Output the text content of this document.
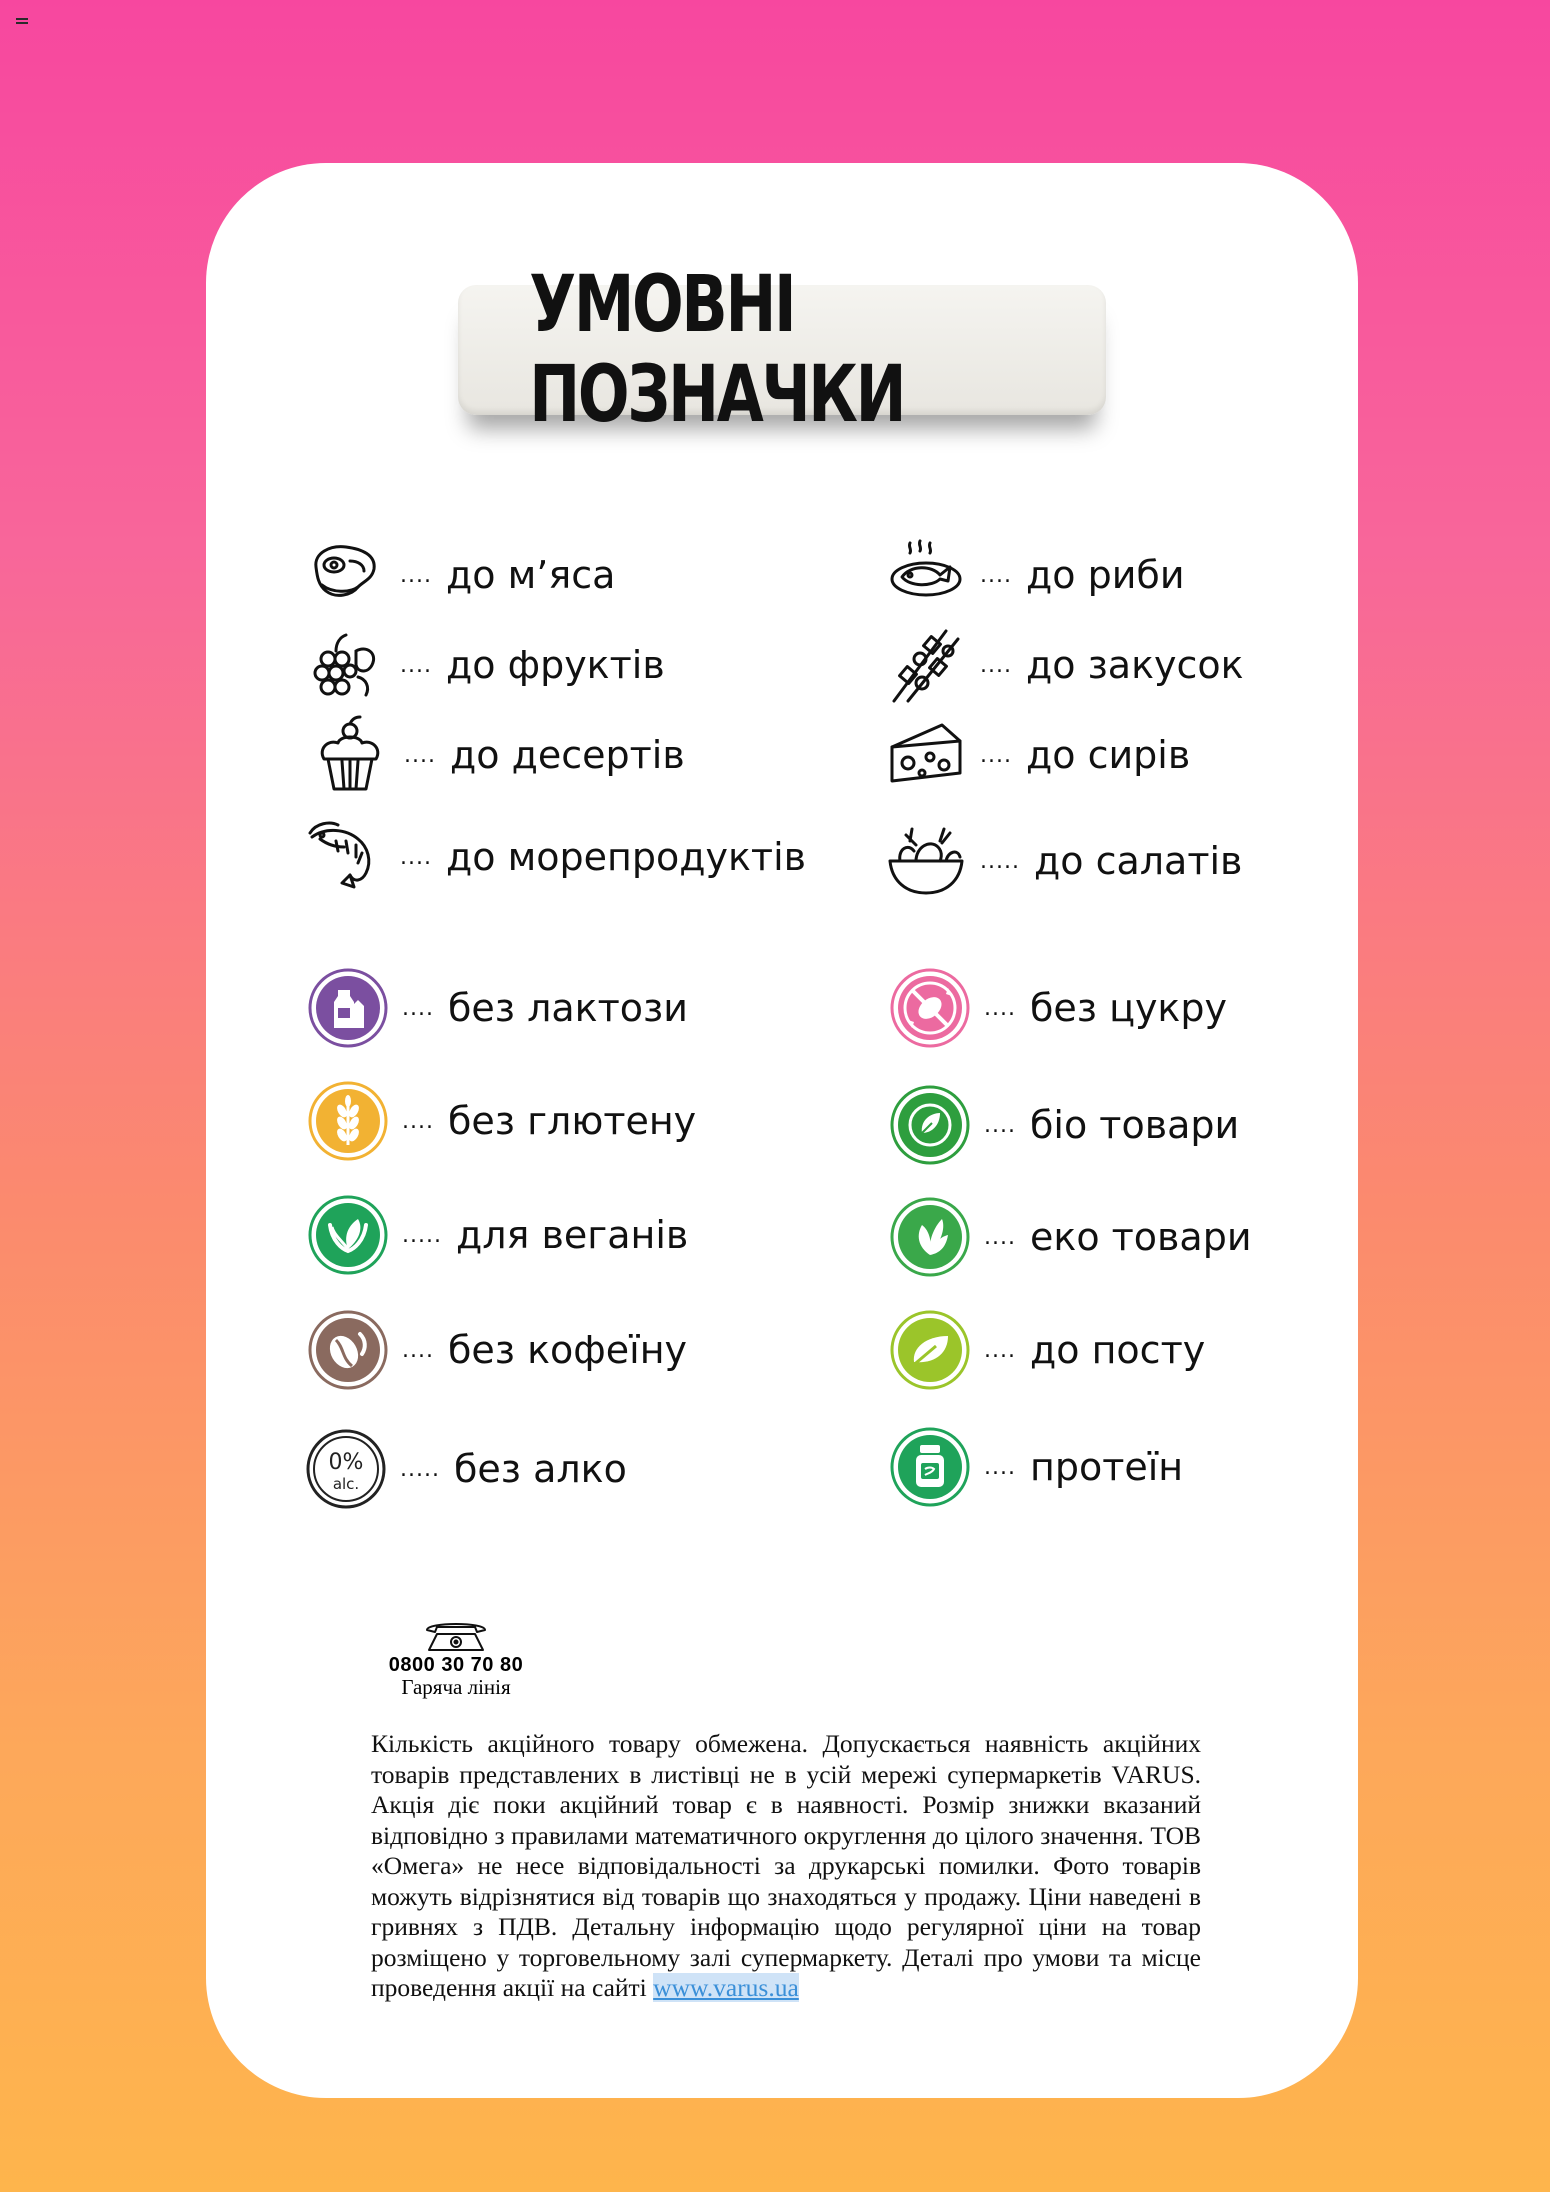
УМОВНІ ПОЗНАЧКИ
.... до м’яса
.... до фруктів
.... до десертів
.... до морепродуктів
.... до риби
.... до закусок
.... до сирів
..... до салатів
.... без лактози
.... без глютену
..... для веганів
.... без кофеїну
0%
alc.
..... без алко
.... без цукру
.... біо товари
.... еко товари
.... до посту
.... протеїн
0800 30 70 80
Гаряча лінія
Кількість акційного товару обмежена. Допускається наявність акційних товарів представлених в листівці не в усій мережі супермаркетів VARUS. Акція діє поки акційний товар є в наявності. Розмір знижки вказаний відповідно з правилами математичного округлення до цілого значення. ТОВ «Омега» не несе відповідальності за друкарські помилки. Фото товарів можуть відрізнятися від товарів що знаходяться у продажу. Ціни наведені в гривнях з ПДВ. Детальну інформацію щодо регулярної ціни на товар розміщено у торговельному залі супермаркету. Деталі про умови та місце проведення акції на сайті www.varus.ua
